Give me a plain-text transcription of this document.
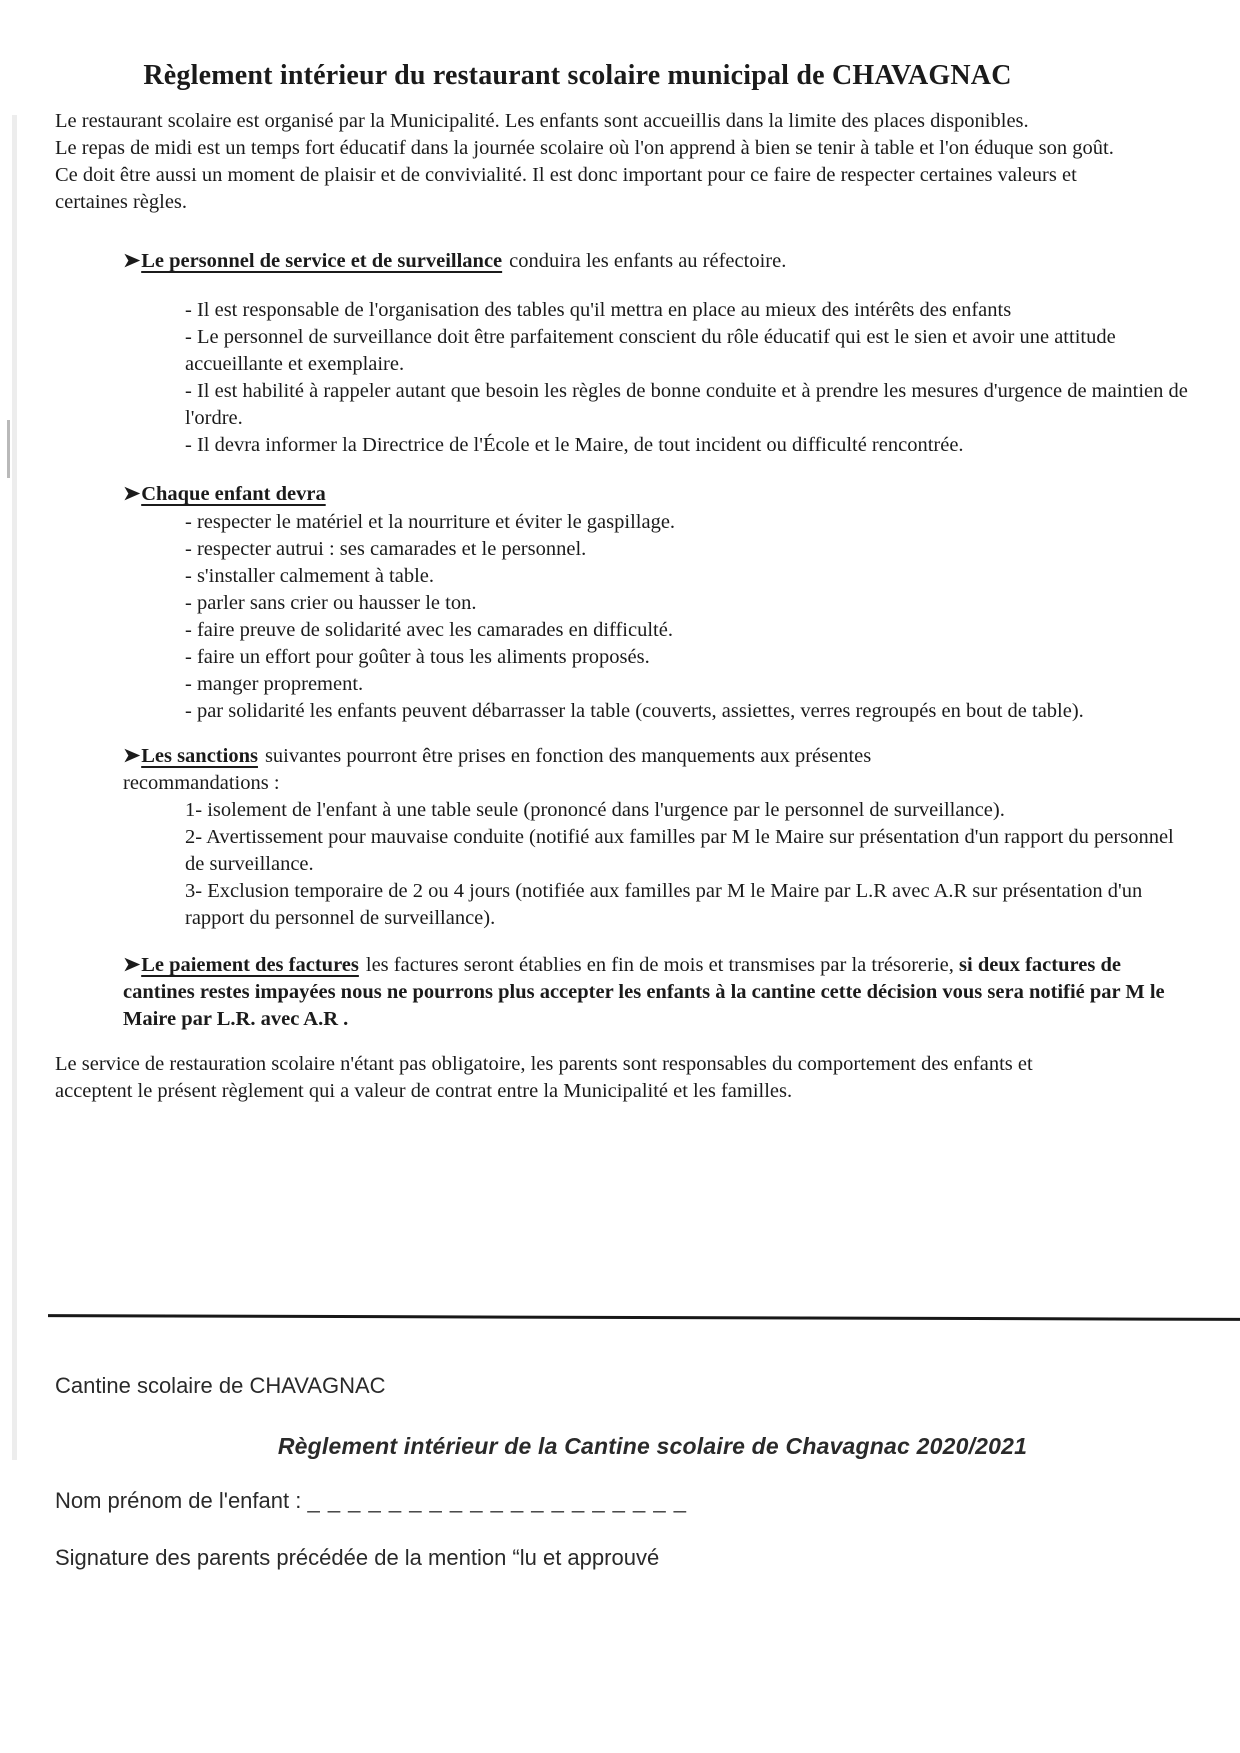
Règlement intérieur du restaurant scolaire municipal de CHAVAGNAC

Le restaurant scolaire est organisé par la Municipalité. Les enfants sont accueillis dans la limite des places disponibles.

Le repas de midi est un temps fort éducatif dans la journée scolaire où l'on apprend à bien se tenir à table et l'on éduque son goût. Ce doit être aussi un moment de plaisir et de convivialité. Il est donc important pour ce faire de respecter certaines valeurs et certaines règles.

➤Le personnel de service et de surveillance conduira les enfants au réfectoire.

- Il est responsable de l'organisation des tables qu'il mettra en place au mieux des intérêts des enfants

- Le personnel de surveillance doit être parfaitement conscient du rôle éducatif qui est le sien et avoir une attitude accueillante et exemplaire.

- Il est habilité à rappeler autant que besoin les règles de bonne conduite et à prendre les mesures d'urgence de maintien de l'ordre.

- Il devra informer la Directrice de l'École et le Maire, de tout incident ou difficulté rencontrée.

➤Chaque enfant devra

- respecter le matériel et la nourriture et éviter le gaspillage.

- respecter autrui : ses camarades et le personnel.

- s'installer calmement à table.

- parler sans crier ou hausser le ton.

- faire preuve de solidarité avec les camarades en difficulté.

- faire un effort pour goûter à tous les aliments proposés.

- manger proprement.

- par solidarité les enfants peuvent débarrasser la table (couverts, assiettes, verres regroupés en bout de table).

➤Les sanctions suivantes pourront être prises en fonction des manquements aux présentes recommandations :

1- isolement de l'enfant à une table seule (prononcé dans l'urgence par le personnel de surveillance).

2- Avertissement pour mauvaise conduite (notifié aux familles par M le Maire sur présentation d'un rapport du personnel de surveillance.

3- Exclusion temporaire de 2 ou 4 jours (notifiée aux familles par M le Maire par L.R avec A.R sur présentation d'un rapport du personnel de surveillance).

➤Le paiement des factures les factures seront établies en fin de mois et transmises par la trésorerie, si deux factures de cantines restes impayées nous ne pourrons plus accepter les enfants à la cantine cette décision vous sera notifié par M le Maire par L.R. avec A.R .

Le service de restauration scolaire n'étant pas obligatoire, les parents sont responsables du comportement des enfants et acceptent le présent règlement qui a valeur de contrat entre la Municipalité et les familles.

Cantine scolaire de CHAVAGNAC

Règlement intérieur de la Cantine scolaire de Chavagnac 2020/2021

Nom prénom de l'enfant : _ _ _ _ _ _ _ _ _ _ _ _ _ _ _ _ _ _ _

Signature des parents précédée de la mention “lu et approuvé
